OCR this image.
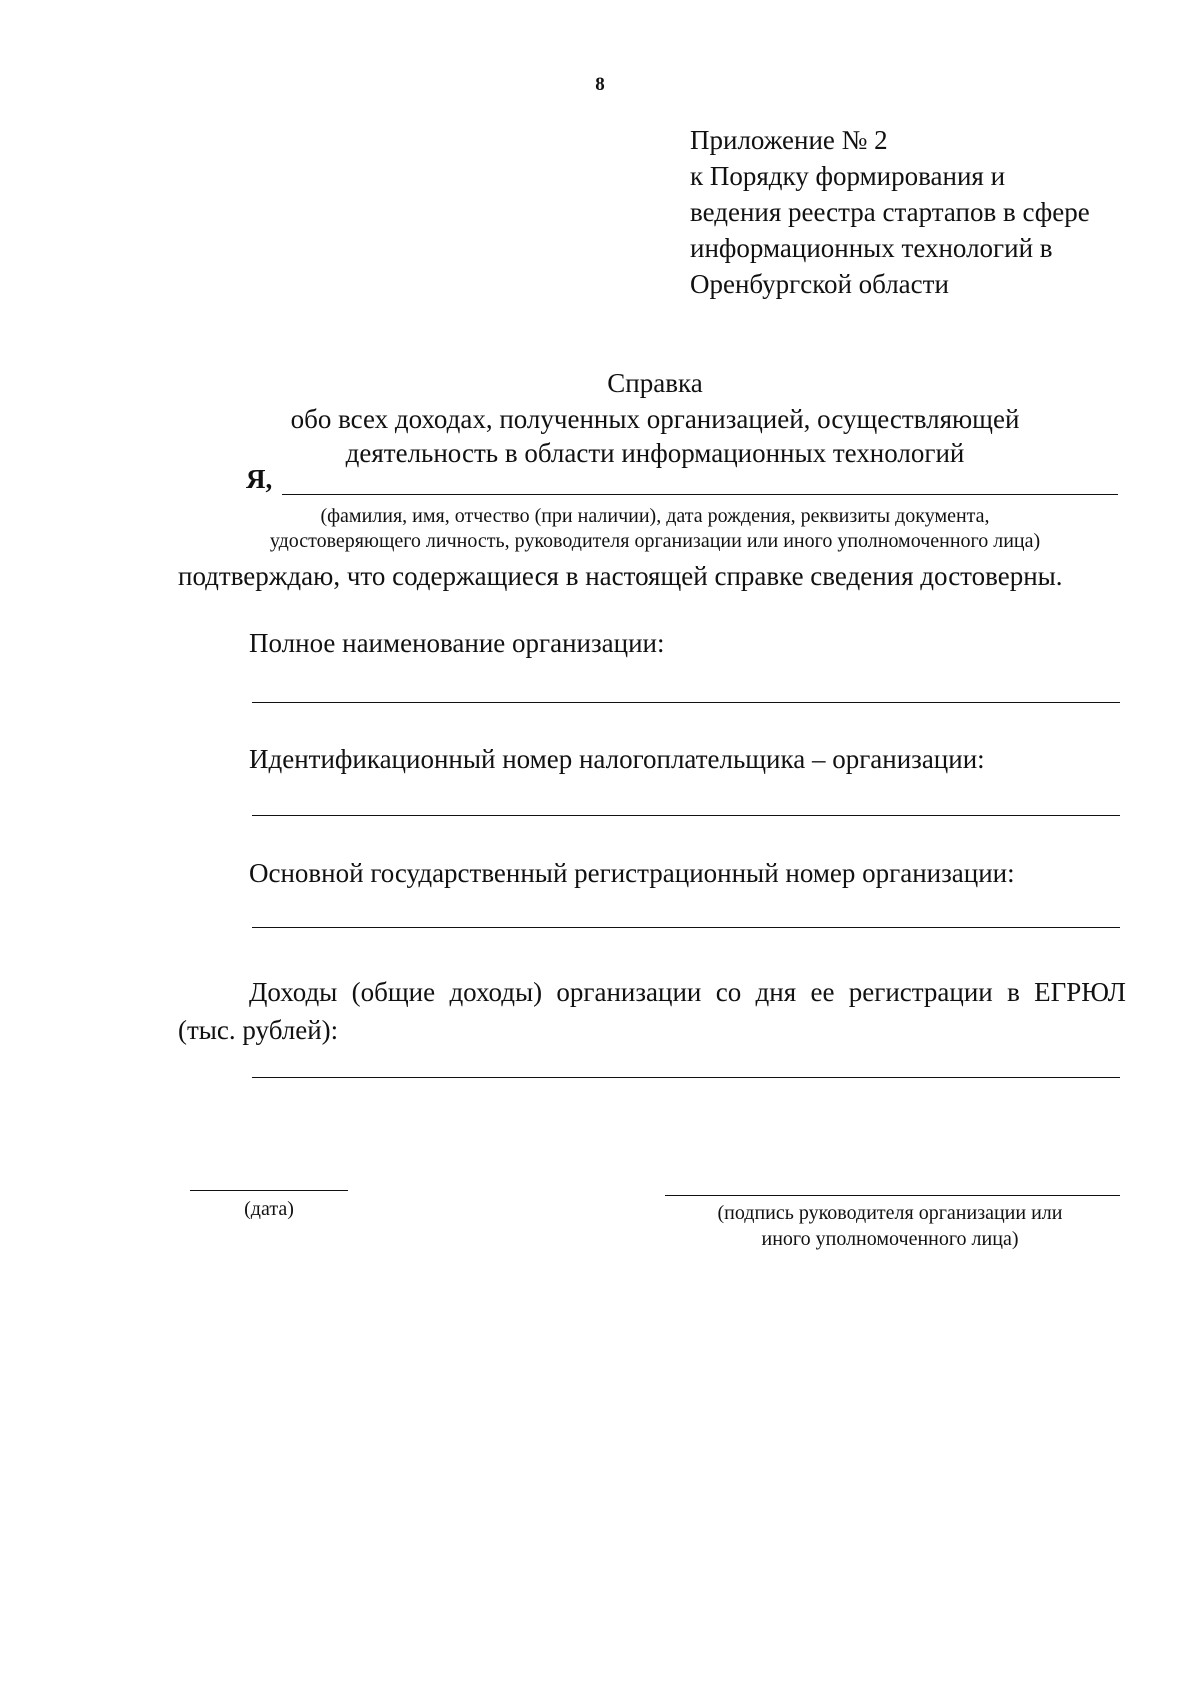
8
Приложение № 2
к Порядку формирования и
ведения реестра стартапов в сфере
информационных технологий в
Оренбургской области
Справка
обо всех доходах, полученных организацией, осуществляющей
деятельность в области информационных технологий
Я,
(фамилия, имя, отчество (при наличии), дата рождения, реквизиты документа,
удостоверяющего личность, руководителя организации или иного уполномоченного лица)
подтверждаю, что содержащиеся в настоящей справке сведения достоверны.
Полное наименование организации:
Идентификационный номер налогоплательщика – организации:
Основной государственный регистрационный номер организации:
Доходы (общие доходы) организации со дня ее регистрации в ЕГРЮЛ
(тыс. рублей):
(дата)	(подпись руководителя организации или
иного уполномоченного лица)
